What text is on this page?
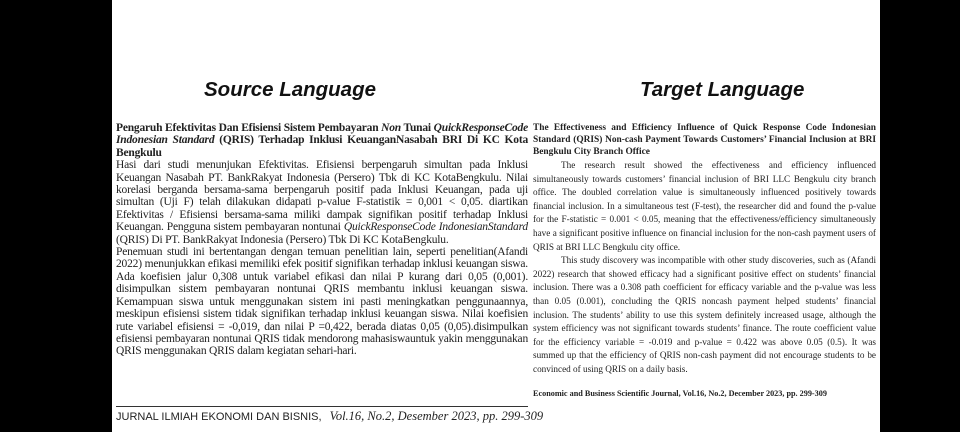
Source Language	Target Language

Pengaruh Efektivitas Dan Efisiensi Sistem Pembayaran Non Tunai QuickResponseCode Indonesian Standard (QRIS) Terhadap Inklusi KeuanganNasabah BRI Di KC Kota Bengkulu

Hasi dari studi menunjukan Efektivitas. Efisiensi berpengaruh simultan pada Inklusi Keuangan Nasabah PT. BankRakyat Indonesia (Persero) Tbk di KC KotaBengkulu. Nilai korelasi berganda bersama-sama berpengaruh positif pada Inklusi Keuangan, pada uji simultan (Uji F) telah dilakukan didapati p-value F-statistik = 0,001 < 0,05. diartikan Efektivitas / Efisiensi bersama-sama miliki dampak signifikan positif terhadap Inklusi Keuangan. Pengguna sistem pembayaran nontunai QuickResponseCode IndonesianStandard (QRIS) Di PT. BankRakyat Indonesia (Persero) Tbk Di KC KotaBengkulu.

Penemuan studi ini bertentangan dengan temuan penelitian lain, seperti penelitian(Afandi 2022) menunjukkan efikasi memiliki efek positif signifikan terhadap inklusi keuangan siswa. Ada koefisien jalur 0,308 untuk variabel efikasi dan nilai P kurang dari 0,05 (0,001). disimpulkan sistem pembayaran nontunai QRIS membantu inklusi keuangan siswa. Kemampuan siswa untuk menggunakan sistem ini pasti meningkatkan penggunaannya, meskipun efisiensi sistem tidak signifikan terhadap inklusi keuangan siswa. Nilai koefisien rute variabel efisiensi = -0,019, dan nilai P =0,422, berada diatas 0,05 (0,05).disimpulkan efisiensi pembayaran nontunai QRIS tidak mendorong mahasiswauntuk yakin menggunakan QRIS menggunakan QRIS dalam kegiatan sehari-hari.

JURNAL ILMIAH EKONOMI DAN BISNIS, Vol.16, No.2, Desember 2023, pp. 299-309
The Effectiveness and Efficiency Influence of Quick Response Code Indonesian Standard (QRIS) Non-cash Payment Towards Customers’ Financial Inclusion at BRI Bengkulu City Branch Office

The research result showed the effectiveness and efficiency influenced simultaneously towards customers’ financial inclusion of BRI LLC Bengkulu city branch office. The doubled correlation value is simultaneously influenced positively towards financial inclusion. In a simultaneous test (F-test), the researcher did and found the p-value for the F-statistic = 0.001 < 0.05, meaning that the effectiveness/efficiency simultaneously have a significant positive influence on financial inclusion for the non-cash payment users of QRIS at BRI LLC Bengkulu city office.

This study discovery was incompatible with other study discoveries, such as (Afandi 2022) research that showed efficacy had a significant positive effect on students’ financial inclusion. There was a 0.308 path coefficient for efficacy variable and the p-value was less than 0.05 (0.001), concluding the QRIS noncash payment helped students’ financial inclusion. The students’ ability to use this system definitely increased usage, although the system efficiency was not significant towards students’ finance. The route coefficient value for the efficiency variable = -0.019 and p-value = 0.422 was above 0.05 (0.5). It was summed up that the efficiency of QRIS non-cash payment did not encourage students to be convinced of using QRIS on a daily basis.

Economic and Business Scientific Journal, Vol.16, No.2, December 2023, pp. 299-309
